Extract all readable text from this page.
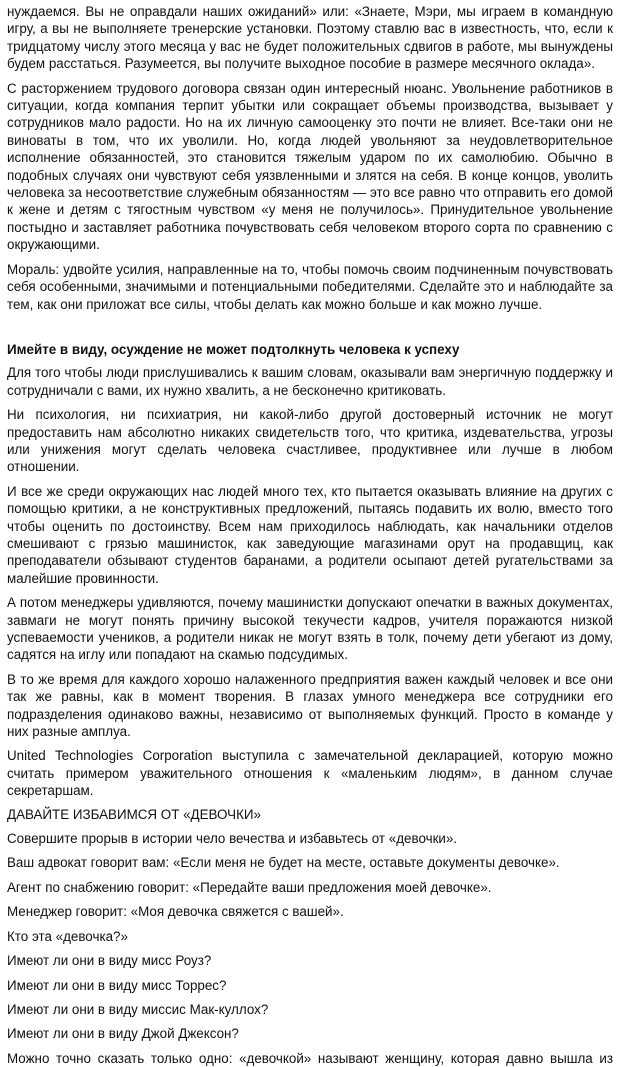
нуждаемся. Вы не оправдали наших ожиданий» или: «Знаете, Мэри, мы играем в командную игру, а вы не выполняете тренерские установки. Поэтому ставлю вас в известность, что, если к тридцатому числу этого месяца у вас не будет положительных сдвигов в работе, мы вынуждены будем расстаться. Разумеется, вы получите выходное пособие в размере месячного оклада».

С расторжением трудового договора связан один интересный нюанс. Увольнение работников в ситуации, когда компания терпит убытки или сокращает объемы производства, вызывает у сотрудников мало радости. Но на их личную самооценку это почти не влияет. Все-таки они не виноваты в том, что их уволили. Но, когда людей увольняют за неудовлетворительное исполнение обязанностей, это становится тяжелым ударом по их самолюбию. Обычно в подобных случаях они чувствуют себя уязвленными и злятся на себя. В конце концов, уволить человека за несоответствие служебным обязанностям — это все равно что отправить его домой к жене и детям с тягостным чувством «у меня не получилось». Принудительное увольнение постыдно и заставляет работника почувствовать себя человеком второго сорта по сравнению с окружающими.

Мораль: удвойте усилия, направленные на то, чтобы помочь своим подчиненным почувствовать себя особенными, значимыми и потенциальными победителями. Сделайте это и наблюдайте за тем, как они приложат все силы, чтобы делать как можно больше и как можно лучше.

Имейте в виду, осуждение не может подтолкнуть человека к успеху

Для того чтобы люди прислушивались к вашим словам, оказывали вам энергичную поддержку и сотрудничали с вами, их нужно хвалить, а не бесконечно критиковать.

Ни психология, ни психиатрия, ни какой-либо другой достоверный источник не могут предоставить нам абсолютно никаких свидетельств того, что критика, издевательства, угрозы или унижения могут сделать человека счастливее, продуктивнее или лучше в любом отношении.

И все же среди окружающих нас людей много тех, кто пытается оказывать влияние на других с помощью критики, а не конструктивных предложений, пытаясь подавить их волю, вместо того чтобы оценить по достоинству. Всем нам приходилось наблюдать, как начальники отделов смешивают с грязью машинисток, как заведующие магазинами орут на продавщиц, как преподаватели обзывают студентов баранами, а родители осыпают детей ругательствами за малейшие провинности.

А потом менеджеры удивляются, почему машинистки допускают опечатки в важных документах, завмаги не могут понять причину высокой текучести кадров, учителя поражаются низкой успеваемости учеников, а родители никак не могут взять в толк, почему дети убегают из дому, садятся на иглу или попадают на скамью подсудимых.

В то же время для каждого хорошо налаженного предприятия важен каждый человек и все они так же равны, как в момент творения. В глазах умного менеджера все сотрудники его подразделения одинаково важны, независимо от выполняемых функций. Просто в команде у них разные амплуа.

United Technologies Corporation выступила с замечательной декларацией, которую можно считать примером уважительного отношения к «маленьким людям», в данном случае секретаршам.

ДАВАЙТЕ ИЗБАВИМСЯ ОТ «ДЕВОЧКИ»

Совершите прорыв в истории чело вечества и избавьтесь от «девочки».

Ваш адвокат говорит вам: «Если меня не будет на месте, оставьте документы девочке».

Агент по снабжению говорит: «Передайте ваши предложения моей девочке».

Менеджер говорит: «Моя девочка свяжется с вашей».

Кто эта «девочка?»

Имеют ли они в виду мисс Роуз?

Имеют ли они в виду мисс Торрес?

Имеют ли они в виду миссис Мак-куллох?

Имеют ли они в виду Джой Джексон?

Можно точно сказать только одно: «девочкой» называют женщину, которая давно вышла из
